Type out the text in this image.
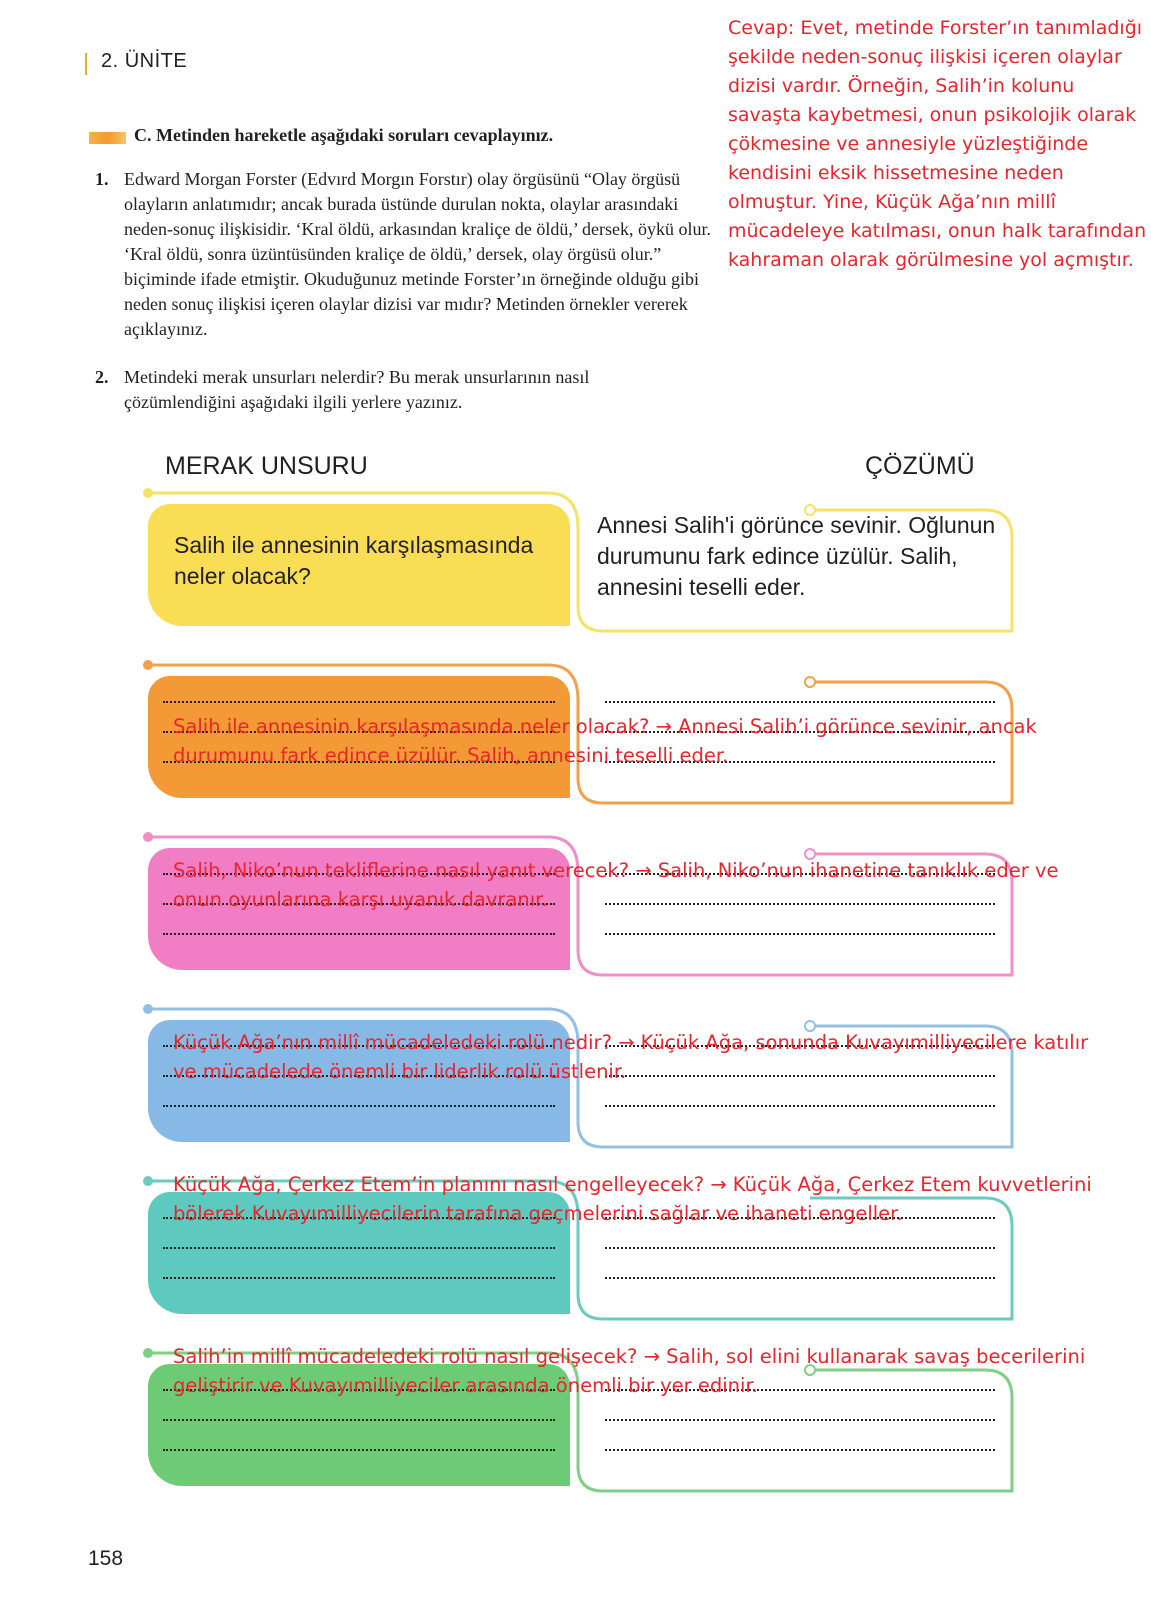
2. ÜNİTE
C. Metinden hareketle aşağıdaki soruları cevaplayınız.
1. Edward Morgan Forster (Edvırd Morgın Forstır) olay örgüsünü “Olay örgüsü olayların anlatımıdır; ancak burada üstünde durulan nokta, olaylar arasındaki neden-sonuç ilişkisidir. ‘Kral öldü, arkasından kraliçe de öldü,’ dersek, öykü olur. ‘Kral öldü, sonra üzüntüsünden kraliçe de öldü,’ dersek, olay örgüsü olur.” biçiminde ifade etmiştir. Okuduğunuz metinde Forster’ın örneğinde olduğu gibi neden sonuç ilişkisi içeren olaylar dizisi var mıdır? Metinden örnekler vererek açıklayınız.
2. Metindeki merak unsurları nelerdir? Bu merak unsurlarının nasıl çözümlendiğini aşağıdaki ilgili yerlere yazınız.
Cevap: Evet, metinde Forster’ın tanımladığı şekilde neden-sonuç ilişkisi içeren olaylar dizisi vardır. Örneğin, Salih’in kolunu savaşta kaybetmesi, onun psikolojik olarak çökmesine ve annesiyle yüzleştiğinde kendisini eksik hissetmesine neden olmuştur. Yine, Küçük Ağa’nın millî mücadeleye katılması, onun halk tarafından kahraman olarak görülmesine yol açmıştır.
MERAK UNSURU	ÇÖZÜMÜ
Salih ile annesinin karşılaşmasında neler olacak?
Annesi Salih'i görünce sevinir. Oğlunun durumunu fark edince üzülür. Salih, annesini teselli eder.
Salih ile annesinin karşılaşmasında neler olacak? → Annesi Salih’i görünce sevinir, ancak durumunu fark edince üzülür. Salih, annesini teselli eder.
Salih, Niko’nun tekliflerine nasıl yanıt verecek? → Salih, Niko’nun ihanetine tanıklık eder ve onun oyunlarına karşı uyanık davranır.
Küçük Ağa’nın millî mücadeledeki rolü nedir? → Küçük Ağa, sonunda Kuvayımilliyecilere katılır ve mücadelede önemli bir liderlik rolü üstlenir.
Küçük Ağa, Çerkez Etem’in planını nasıl engelleyecek? → Küçük Ağa, Çerkez Etem kuvvetlerini bölerek Kuvayımilliyecilerin tarafına geçmelerini sağlar ve ihaneti engeller.
Salih’in millî mücadeledeki rolü nasıl gelişecek? → Salih, sol elini kullanarak savaş becerilerini geliştirir ve Kuvayımilliyeciler arasında önemli bir yer edinir.
158
